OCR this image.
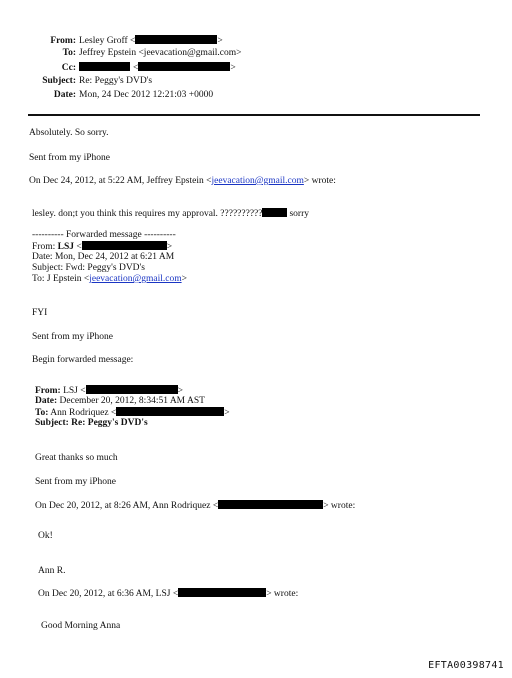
From: Lesley Groff <	>
To: Jeffrey Epstein <jeevacation@gmail.com>
Cc:	<	>
Subject: Re: Peggy's DVD's
Date: Mon, 24 Dec 2012 12:21:03 +0000
Absolutely. So sorry.
Sent from my iPhone
On Dec 24, 2012, at 5:22 AM, Jeffrey Epstein <jeevacation@gmail.com> wrote:
lesley. don;t you think this requires my approval. ??????????	sorry
---------- Forwarded message ----------
From: LSJ <	>
Date: Mon, Dec 24, 2012 at 6:21 AM
Subject: Fwd: Peggy's DVD's
To: J Epstein <jeevacation@gmail.com>
FYI
Sent from my iPhone
Begin forwarded message:
From: LSJ <	>
Date: December 20, 2012, 8:34:51 AM AST
To: Ann Rodriquez <	>
Subject: Re: Peggy's DVD's
Great thanks so much
Sent from my iPhone
On Dec 20, 2012, at 8:26 AM, Ann Rodriquez <	> wrote:
Ok!
Ann R.
On Dec 20, 2012, at 6:36 AM, LSJ <	> wrote:
Good Morning Anna
EFTA00398741
